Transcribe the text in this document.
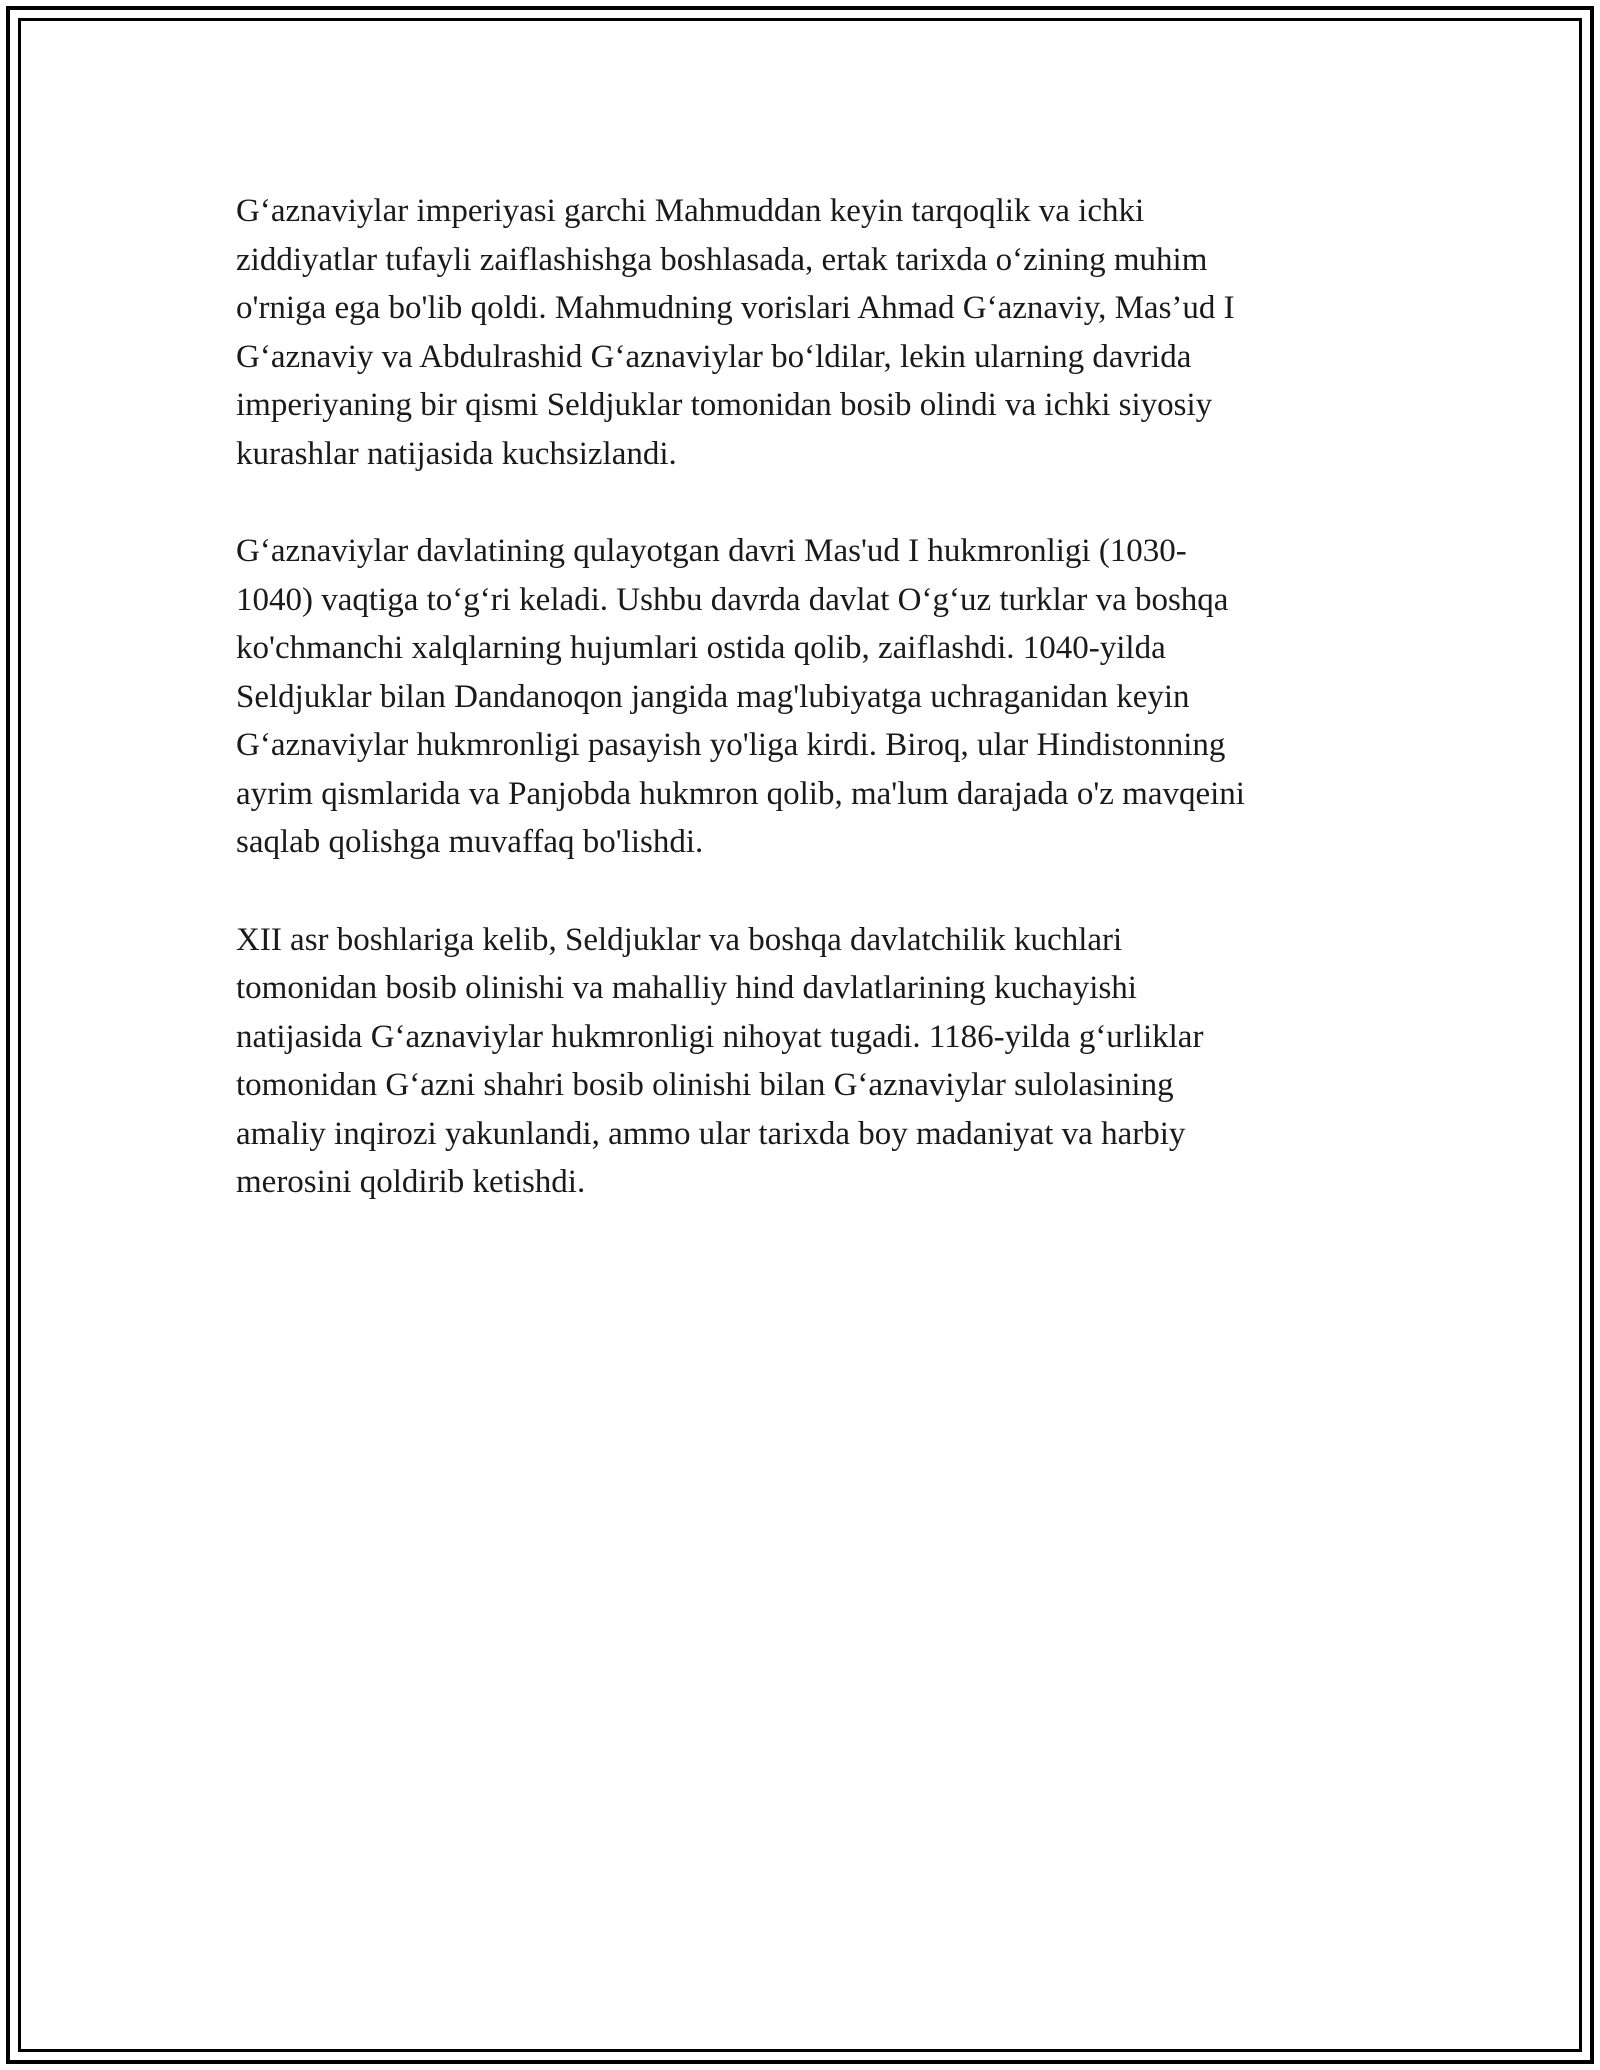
G‘aznaviylar imperiyasi garchi Mahmuddan keyin tarqoqlik va ichki
ziddiyatlar tufayli zaiflashishga boshlasada, ertak tarixda o‘zining muhim
o'rniga ega bo'lib qoldi. Mahmudning vorislari Ahmad G‘aznaviy, Mas’ud I
G‘aznaviy va Abdulrashid G‘aznaviylar bo‘ldilar, lekin ularning davrida
imperiyaning bir qismi Seldjuklar tomonidan bosib olindi va ichki siyosiy
kurashlar natijasida kuchsizlandi.

G‘aznaviylar davlatining qulayotgan davri Mas'ud I hukmronligi (1030-
1040) vaqtiga to‘g‘ri keladi. Ushbu davrda davlat O‘g‘uz turklar va boshqa
ko'chmanchi xalqlarning hujumlari ostida qolib, zaiflashdi. 1040-yilda
Seldjuklar bilan Dandanoqon jangida mag'lubiyatga uchraganidan keyin
G‘aznaviylar hukmronligi pasayish yo'liga kirdi. Biroq, ular Hindistonning
ayrim qismlarida va Panjobda hukmron qolib, ma'lum darajada o'z mavqeini
saqlab qolishga muvaffaq bo'lishdi.

XII asr boshlariga kelib, Seldjuklar va boshqa davlatchilik kuchlari
tomonidan bosib olinishi va mahalliy hind davlatlarining kuchayishi
natijasida G‘aznaviylar hukmronligi nihoyat tugadi. 1186-yilda g‘urliklar
tomonidan G‘azni shahri bosib olinishi bilan G‘aznaviylar sulolasining
amaliy inqirozi yakunlandi, ammo ular tarixda boy madaniyat va harbiy
merosini qoldirib ketishdi.
